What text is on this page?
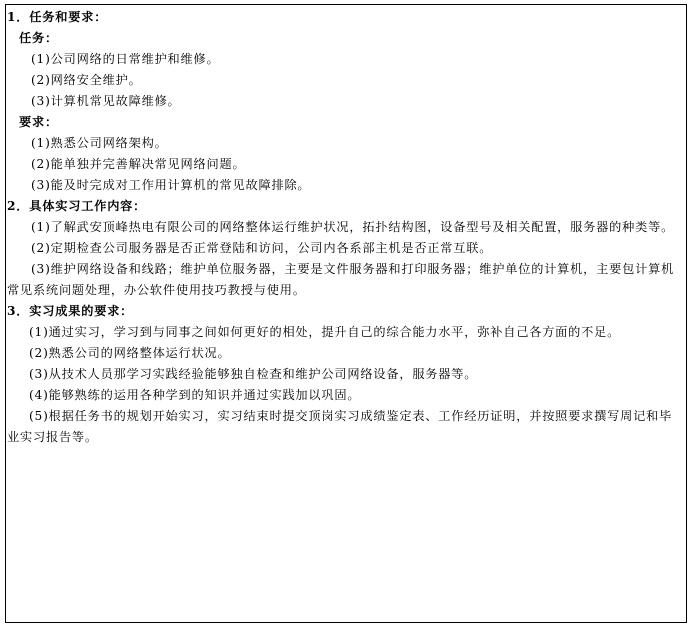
1．任务和要求：

任务：

(1)公司网络的日常维护和维修。

(2)网络安全维护。

(3)计算机常见故障维修。

要求：

(1)熟悉公司网络架构。

(2)能单独并完善解决常见网络问题。

(3)能及时完成对工作用计算机的常见故障排除。

2．具体实习工作内容：

(1)了解武安顶峰热电有限公司的网络整体运行维护状况，拓扑结构图，设备型号及相关配置，服务器的种类等。

(2)定期检查公司服务器是否正常登陆和访问，公司内各系部主机是否正常互联。

(3)维护网络设备和线路；维护单位服务器，主要是文件服务器和打印服务器；维护单位的计算机，主要包计算机常见系统问题处理，办公软件使用技巧教授与使用。

3．实习成果的要求：

(1)通过实习，学习到与同事之间如何更好的相处，提升自己的综合能力水平，弥补自己各方面的不足。

(2)熟悉公司的网络整体运行状况。

(3)从技术人员那学习实践经验能够独自检查和维护公司网络设备，服务器等。

(4)能够熟练的运用各种学到的知识并通过实践加以巩固。

(5)根据任务书的规划开始实习，实习结束时提交顶岗实习成绩鉴定表、工作经历证明，并按照要求撰写周记和毕业实习报告等。
